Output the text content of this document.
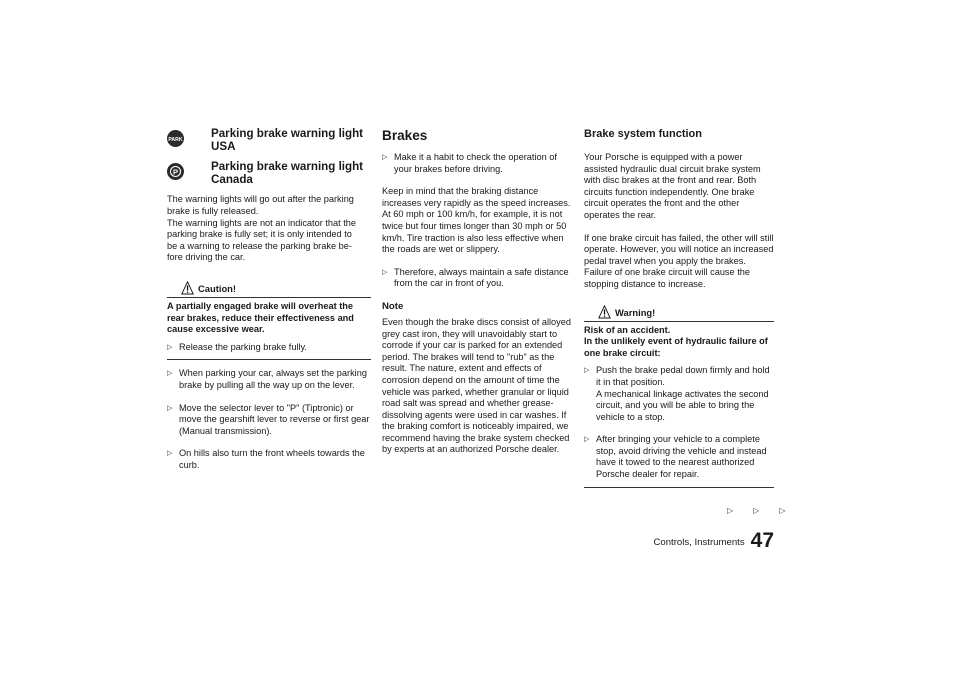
PARK Parking brake warning light USA
P	Parking brake warning light
Canada
The warning lights will go out after the parking
brake is fully released.
The warning lights are not an indicator that the
parking brake is fully set; it is only intended to
be a warning to release the parking brake be-
fore driving the car.
Caution!
A partially engaged brake will overheat the rear brakes, reduce their effectiveness and cause excessive wear.
▷ Release the parking brake fully.
▷ When parking your car, always set the parking brake by pulling all the way up on the lever.
▷ Move the selector lever to "P" (Tiptronic) or move the gearshift lever to reverse or first gear (Manual transmission).
▷ On hills also turn the front wheels towards the curb.
Brakes
▷ Make it a habit to check the operation of your brakes before driving.

Keep in mind that the braking distance increases very rapidly as the speed increases. At 60 mph or 100 km/h, for example, it is not twice but four times longer than 30 mph or 50 km/h. Tire traction is also less effective when the roads are wet or slippery.

▷ Therefore, always maintain a safe distance from the car in front of you.
Note

Even though the brake discs consist of alloyed grey cast iron, they will unavoidably start to corrode if your car is parked for an extended period. The brakes will tend to "rub" as the result. The nature, extent and effects of corrosion depend on the amount of time the vehicle was parked, whether granular or liquid road salt was spread and whether grease-dissolving agents were used in car washes. If the braking comfort is noticeably impaired, we recommend having the brake system checked by experts at an authorized Porsche dealer.

Brake system function

Your Porsche is equipped with a power assisted hydraulic dual circuit brake system with disc brakes at the front and rear. Both circuits function independently. One brake circuit operates the front and the other operates the rear.

If one brake circuit has failed, the other will still operate. However, you will notice an increased pedal travel when you apply the brakes. Failure of one brake circuit will cause the stopping distance to increase.

Warning!
Risk of an accident.
In the unlikely event of hydraulic failure of one brake circuit:
▷ Push the brake pedal down firmly and hold it in that position.

A mechanical linkage activates the second circuit, and you will be able to bring the vehicle to a stop.

▷ After bringing your vehicle to a complete stop, avoid driving the vehicle and instead have it towed to the nearest authorized Porsche dealer for repair.
▷	▷	▷
Controls, Instruments 47
